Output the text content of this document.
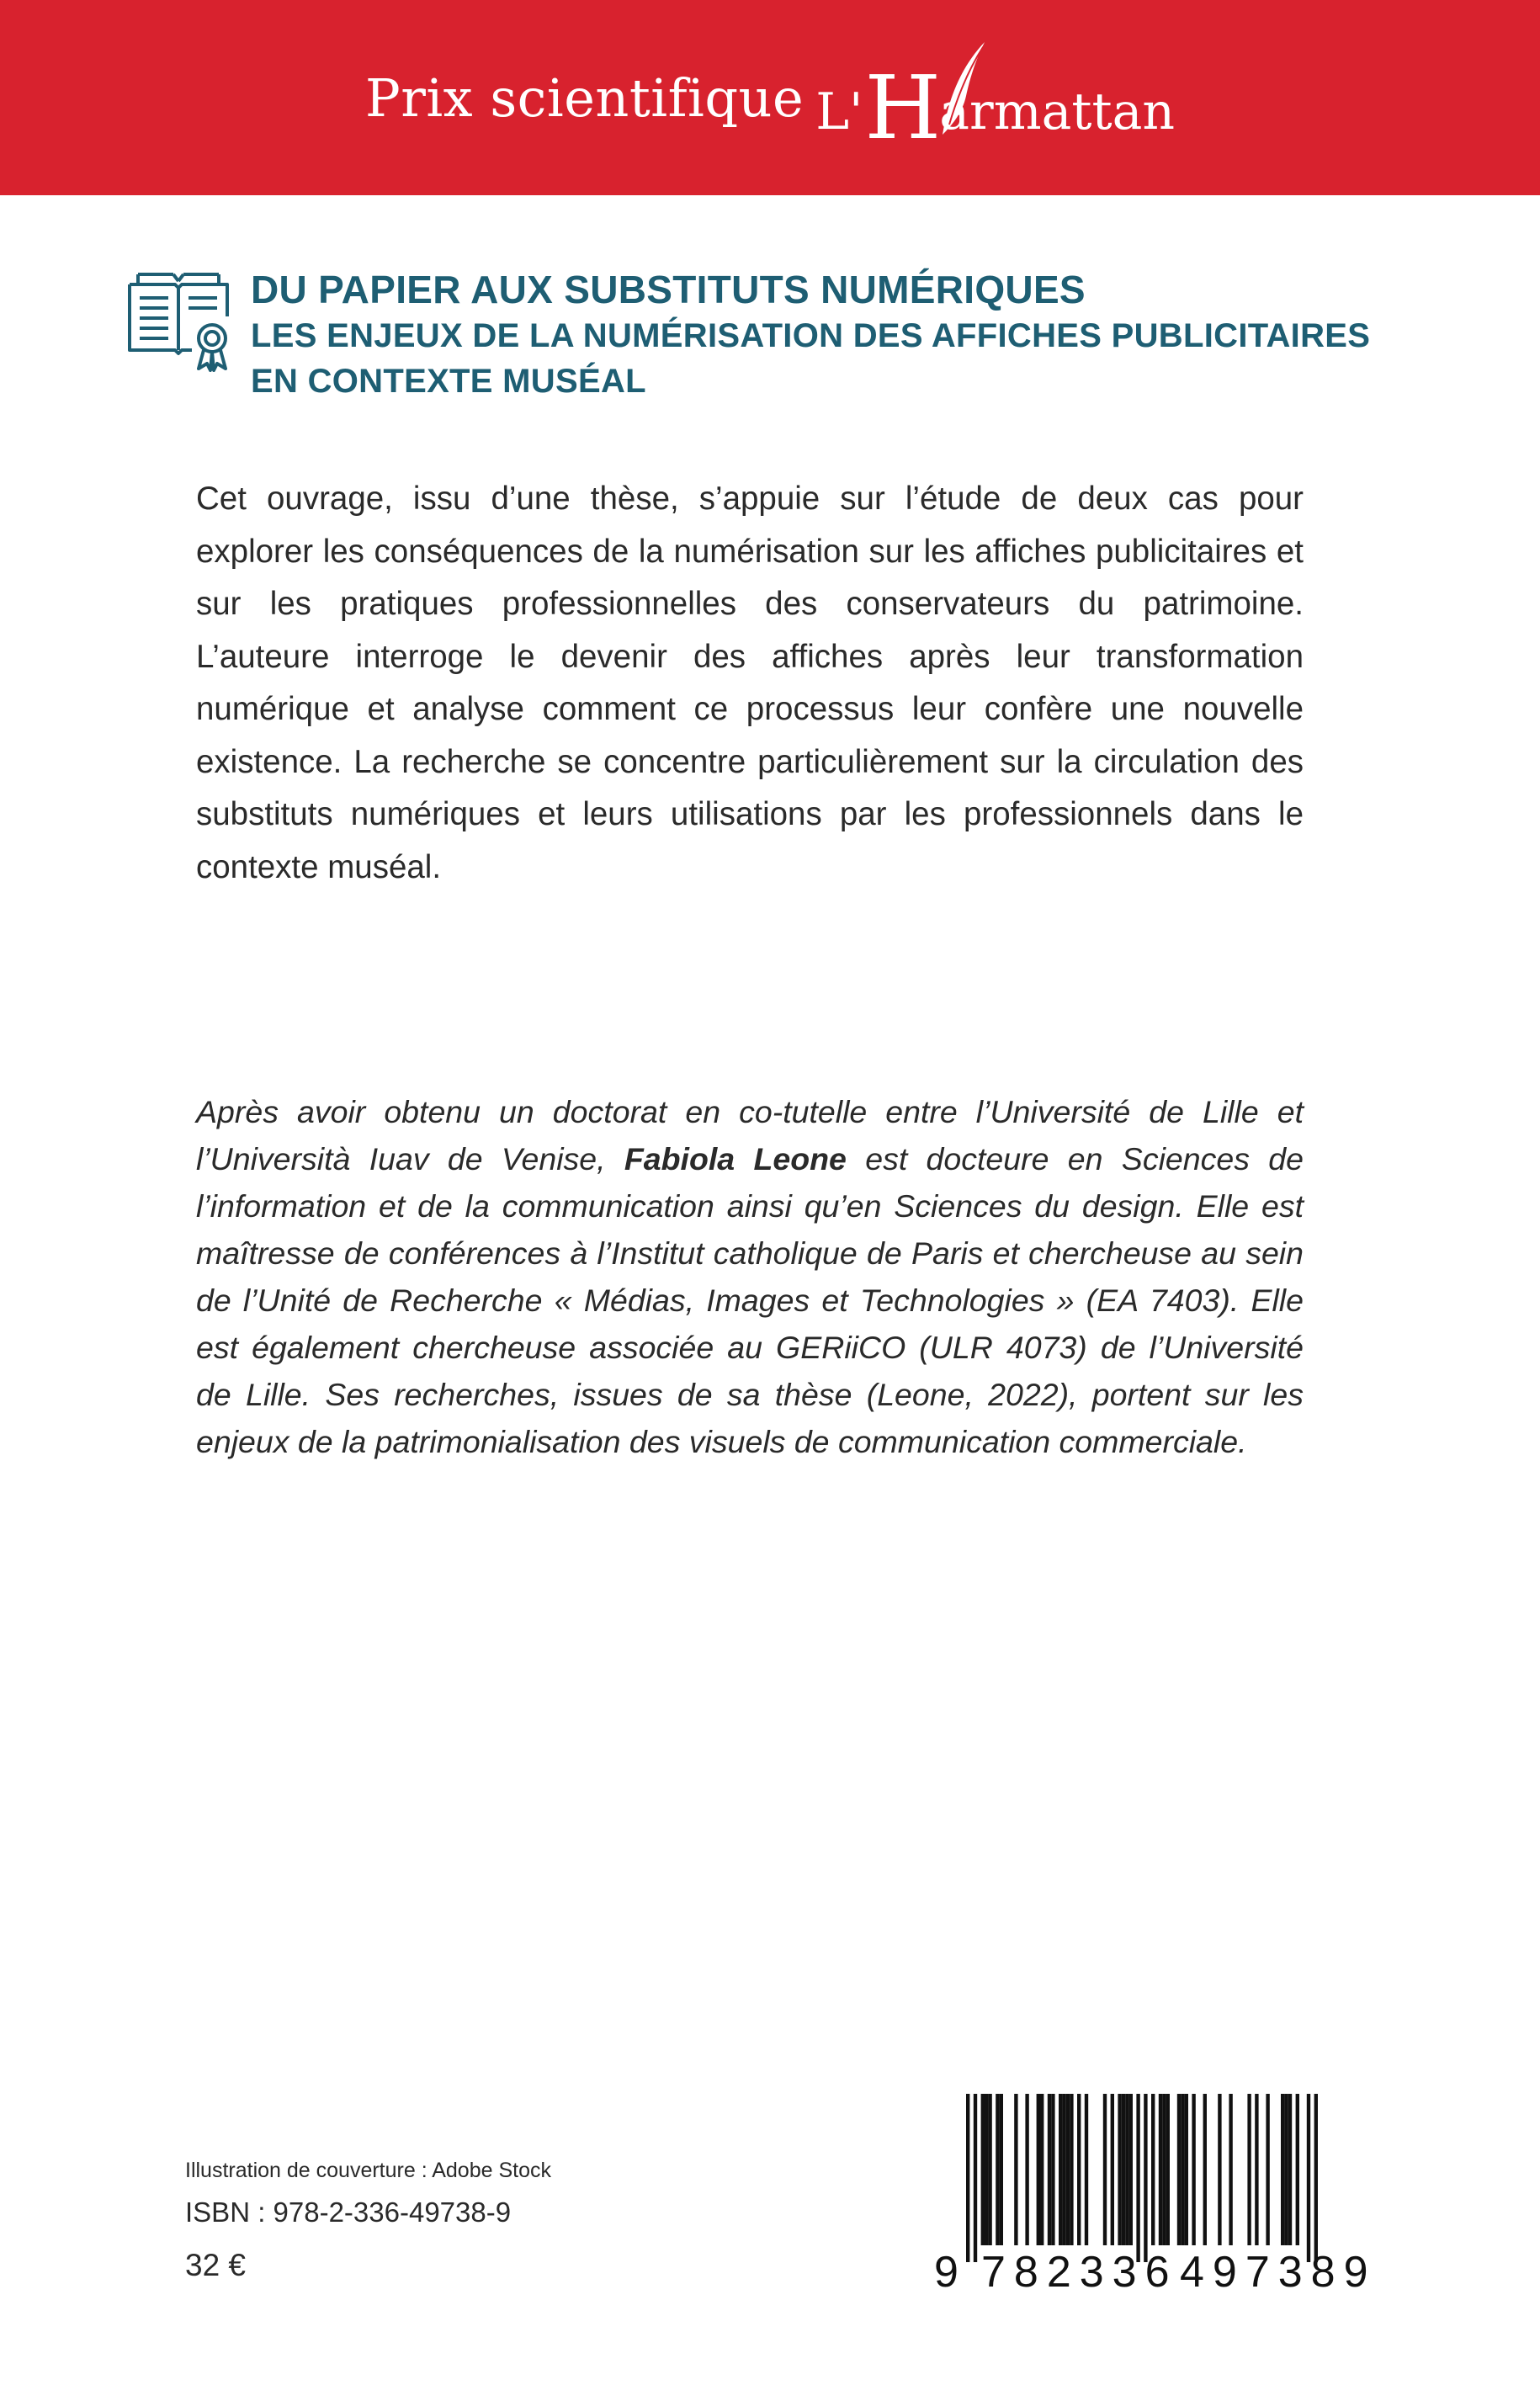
Prix scientifique L' H
armattan
DU PAPIER AUX SUBSTITUTS NUMÉRIQUES
LES ENJEUX DE LA NUMÉRISATION DES AFFICHES PUBLICITAIRES
EN CONTEXTE MUSÉAL

Cet ouvrage, issu d’une thèse, s’appuie sur l’étude de deux cas pour explorer les conséquences de la numérisation sur les affiches publicitaires et sur les pratiques professionnelles des conservateurs du patrimoine. L’auteure interroge le devenir des affiches après leur transformation numérique et analyse comment ce processus leur confère une nouvelle existence. La recherche se concentre particulièrement sur la circulation des substituts numériques et leurs utilisations par les professionnels dans le contexte muséal.

Après avoir obtenu un doctorat en co-tutelle entre l’Université de Lille et l’Università Iuav de Venise, Fabiola Leone est docteure en Sciences de l’information et de la communication ainsi qu’en Sciences du design. Elle est maîtresse de conférences à l’Institut catholique de Paris et chercheuse au sein de l’Unité de Recherche « Médias, Images et Technologies » (EA 7403). Elle est également chercheuse associée au GERiiCO (ULR 4073) de l’Université de Lille. Ses recherches, issues de sa thèse (Leone, 2022), portent sur les enjeux de la patrimonialisation des visuels de communication commerciale.

Illustration de couverture : Adobe Stock
ISBN : 978-2-336-49738-9
32 €	9 782336 497389
